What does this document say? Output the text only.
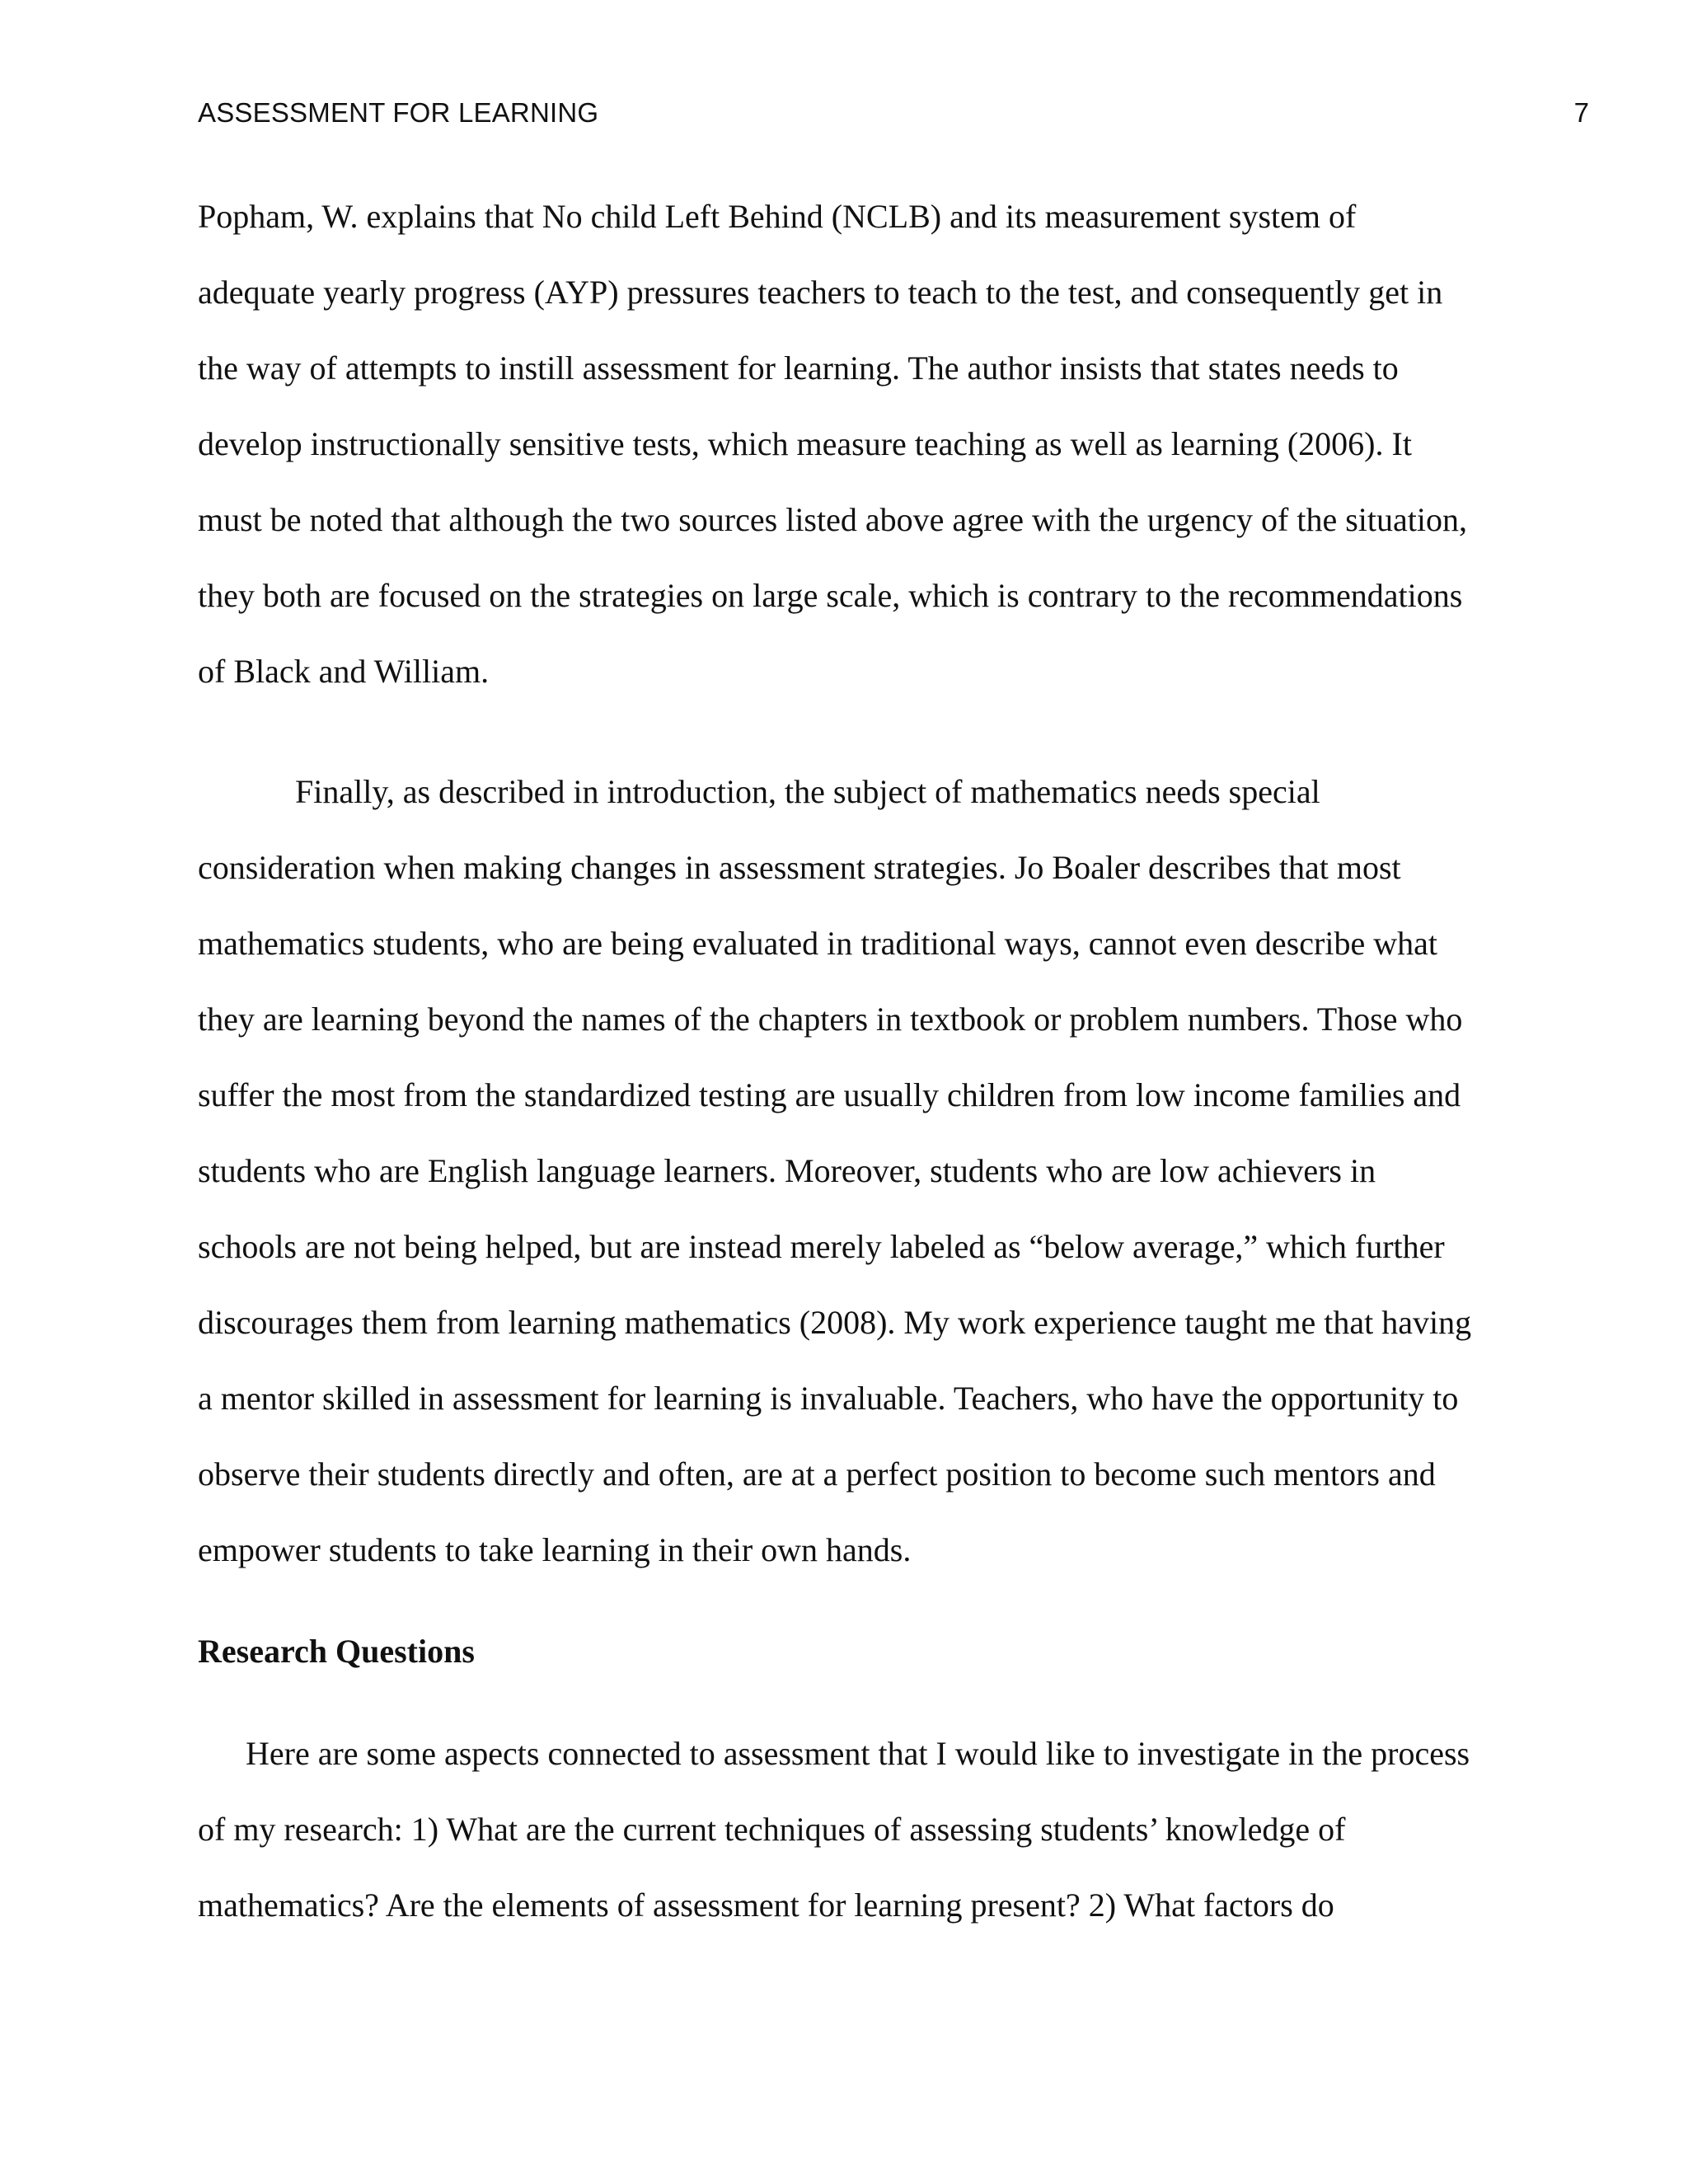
ASSESSMENT FOR LEARNING	7
Popham, W. explains that No child Left Behind (NCLB) and its measurement system of
adequate yearly progress (AYP) pressures teachers to teach to the test, and consequently get in
the way of attempts to instill assessment for learning. The author insists that states needs to
develop instructionally sensitive tests, which measure teaching as well as learning (2006). It
must be noted that although the two sources listed above agree with the urgency of the situation,
they both are focused on the strategies on large scale, which is contrary to the recommendations
of Black and William.
Finally, as described in introduction, the subject of mathematics needs special
consideration when making changes in assessment strategies. Jo Boaler describes that most
mathematics students, who are being evaluated in traditional ways, cannot even describe what
they are learning beyond the names of the chapters in textbook or problem numbers. Those who
suffer the most from the standardized testing are usually children from low income families and
students who are English language learners. Moreover, students who are low achievers in
schools are not being helped, but are instead merely labeled as “below average,” which further
discourages them from learning mathematics (2008). My work experience taught me that having
a mentor skilled in assessment for learning is invaluable. Teachers, who have the opportunity to
observe their students directly and often, are at a perfect position to become such mentors and
empower students to take learning in their own hands.
Research Questions
Here are some aspects connected to assessment that I would like to investigate in the process
of my research: 1) What are the current techniques of assessing students’ knowledge of
mathematics? Are the elements of assessment for learning present? 2) What factors do
